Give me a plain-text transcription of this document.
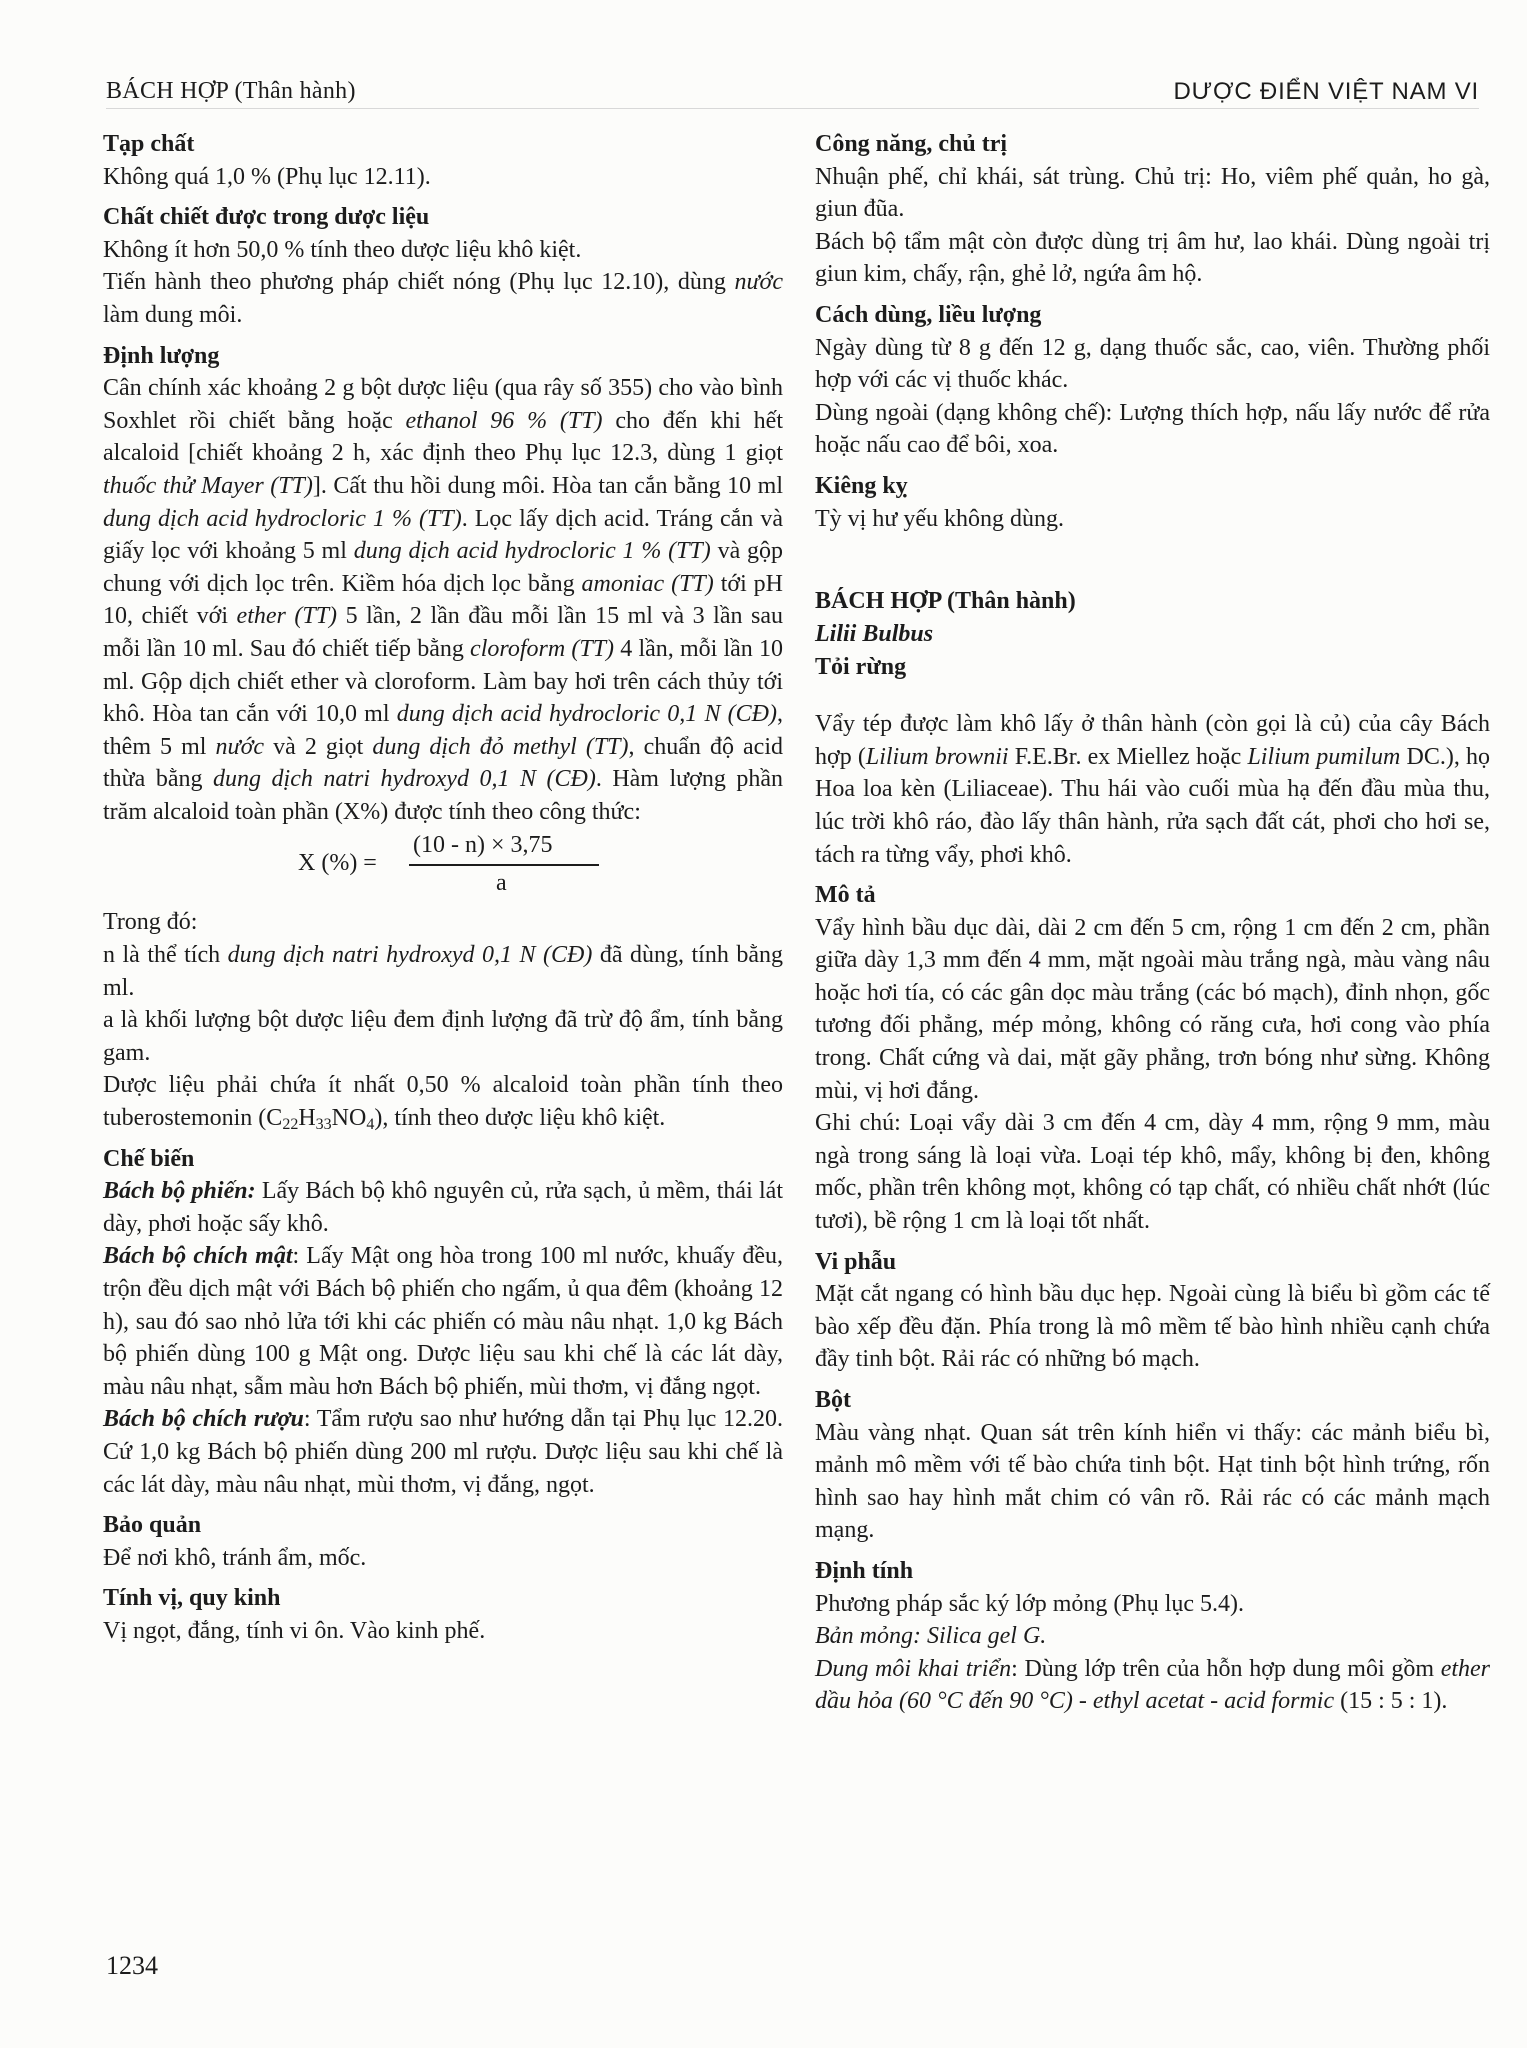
BÁCH HỢP (Thân hành)	DƯỢC ĐIỂN VIỆT NAM VI

Tạp chất

Không quá 1,0 % (Phụ lục 12.11).

Chất chiết được trong dược liệu

Không ít hơn 50,0 % tính theo dược liệu khô kiệt.

Tiến hành theo phương pháp chiết nóng (Phụ lục 12.10), dùng nước làm dung môi.

Định lượng

Cân chính xác khoảng 2 g bột dược liệu (qua rây số 355) cho vào bình Soxhlet rồi chiết bằng hoặc ethanol 96 % (TT) cho đến khi hết alcaloid [chiết khoảng 2 h, xác định theo Phụ lục 12.3, dùng 1 giọt thuốc thử Mayer (TT)]. Cất thu hồi dung môi. Hòa tan cắn bằng 10 ml dung dịch acid hydrocloric 1 % (TT). Lọc lấy dịch acid. Tráng cắn và giấy lọc với khoảng 5 ml dung dịch acid hydrocloric 1 % (TT) và gộp chung với dịch lọc trên. Kiềm hóa dịch lọc bằng amoniac (TT) tới pH 10, chiết với ether (TT) 5 lần, 2 lần đầu mỗi lần 15 ml và 3 lần sau mỗi lần 10 ml. Sau đó chiết tiếp bằng cloroform (TT) 4 lần, mỗi lần 10 ml. Gộp dịch chiết ether và cloroform. Làm bay hơi trên cách thủy tới khô. Hòa tan cắn với 10,0 ml dung dịch acid hydrocloric 0,1 N (CĐ), thêm 5 ml nước và 2 giọt dung dịch đỏ methyl (TT), chuẩn độ acid thừa bằng dung dịch natri hydroxyd 0,1 N (CĐ). Hàm lượng phần trăm alcaloid toàn phần (X%) được tính theo công thức:

X (%) =
(10 - n) × 3,75
a

Trong đó:

n là thể tích dung dịch natri hydroxyd 0,1 N (CĐ) đã dùng, tính bằng ml.

a là khối lượng bột dược liệu đem định lượng đã trừ độ ẩm, tính bằng gam.

Dược liệu phải chứa ít nhất 0,50 % alcaloid toàn phần tính theo tuberostemonin $(C_{22}H_{33}NO_4)$, tính theo dược liệu khô kiệt.

Chế biến

Bách bộ phiến: Lấy Bách bộ khô nguyên củ, rửa sạch, ủ mềm, thái lát dày, phơi hoặc sấy khô.

Bách bộ chích mật: Lấy Mật ong hòa trong 100 ml nước, khuấy đều, trộn đều dịch mật với Bách bộ phiến cho ngấm, ủ qua đêm (khoảng 12 h), sau đó sao nhỏ lửa tới khi các phiến có màu nâu nhạt. 1,0 kg Bách bộ phiến dùng 100 g Mật ong. Dược liệu sau khi chế là các lát dày, màu nâu nhạt, sẫm màu hơn Bách bộ phiến, mùi thơm, vị đắng ngọt.

Bách bộ chích rượu: Tẩm rượu sao như hướng dẫn tại Phụ lục 12.20. Cứ 1,0 kg Bách bộ phiến dùng 200 ml rượu. Dược liệu sau khi chế là các lát dày, màu nâu nhạt, mùi thơm, vị đắng, ngọt.

Bảo quản

Để nơi khô, tránh ẩm, mốc.

Tính vị, quy kinh

Vị ngọt, đắng, tính vi ôn. Vào kinh phế.

Công năng, chủ trị

Nhuận phế, chỉ khái, sát trùng. Chủ trị: Ho, viêm phế quản, ho gà, giun đũa.

Bách bộ tẩm mật còn được dùng trị âm hư, lao khái. Dùng ngoài trị giun kim, chấy, rận, ghẻ lở, ngứa âm hộ.

Cách dùng, liều lượng

Ngày dùng từ 8 g đến 12 g, dạng thuốc sắc, cao, viên. Thường phối hợp với các vị thuốc khác.

Dùng ngoài (dạng không chế): Lượng thích hợp, nấu lấy nước để rửa hoặc nấu cao để bôi, xoa.

Kiêng kỵ

Tỳ vị hư yếu không dùng.

BÁCH HỢP (Thân hành)

Lilii Bulbus

Tỏi rừng

Vẩy tép được làm khô lấy ở thân hành (còn gọi là củ) của cây Bách hợp (Lilium brownii F.E.Br. ex Miellez hoặc Lilium pumilum DC.), họ Hoa loa kèn (Liliaceae). Thu hái vào cuối mùa hạ đến đầu mùa thu, lúc trời khô ráo, đào lấy thân hành, rửa sạch đất cát, phơi cho hơi se, tách ra từng vẩy, phơi khô.

Mô tả

Vẩy hình bầu dục dài, dài 2 cm đến 5 cm, rộng 1 cm đến 2 cm, phần giữa dày 1,3 mm đến 4 mm, mặt ngoài màu trắng ngà, màu vàng nâu hoặc hơi tía, có các gân dọc màu trắng (các bó mạch), đỉnh nhọn, gốc tương đối phẳng, mép mỏng, không có răng cưa, hơi cong vào phía trong. Chất cứng và dai, mặt gãy phẳng, trơn bóng như sừng. Không mùi, vị hơi đắng.

Ghi chú: Loại vẩy dài 3 cm đến 4 cm, dày 4 mm, rộng 9 mm, màu ngà trong sáng là loại vừa. Loại tép khô, mẩy, không bị đen, không mốc, phần trên không mọt, không có tạp chất, có nhiều chất nhớt (lúc tươi), bề rộng 1 cm là loại tốt nhất.

Vi phẫu

Mặt cắt ngang có hình bầu dục hẹp. Ngoài cùng là biểu bì gồm các tế bào xếp đều đặn. Phía trong là mô mềm tế bào hình nhiều cạnh chứa đầy tinh bột. Rải rác có những bó mạch.

Bột

Màu vàng nhạt. Quan sát trên kính hiển vi thấy: các mảnh biểu bì, mảnh mô mềm với tế bào chứa tinh bột. Hạt tinh bột hình trứng, rốn hình sao hay hình mắt chim có vân rõ. Rải rác có các mảnh mạch mạng.

Định tính

Phương pháp sắc ký lớp mỏng (Phụ lục 5.4).

Bản mỏng: Silica gel G.

Dung môi khai triển: Dùng lớp trên của hỗn hợp dung môi gồm ether dầu hỏa (60 °C đến 90 °C) - ethyl acetat - acid formic (15 : 5 : 1).

1234
